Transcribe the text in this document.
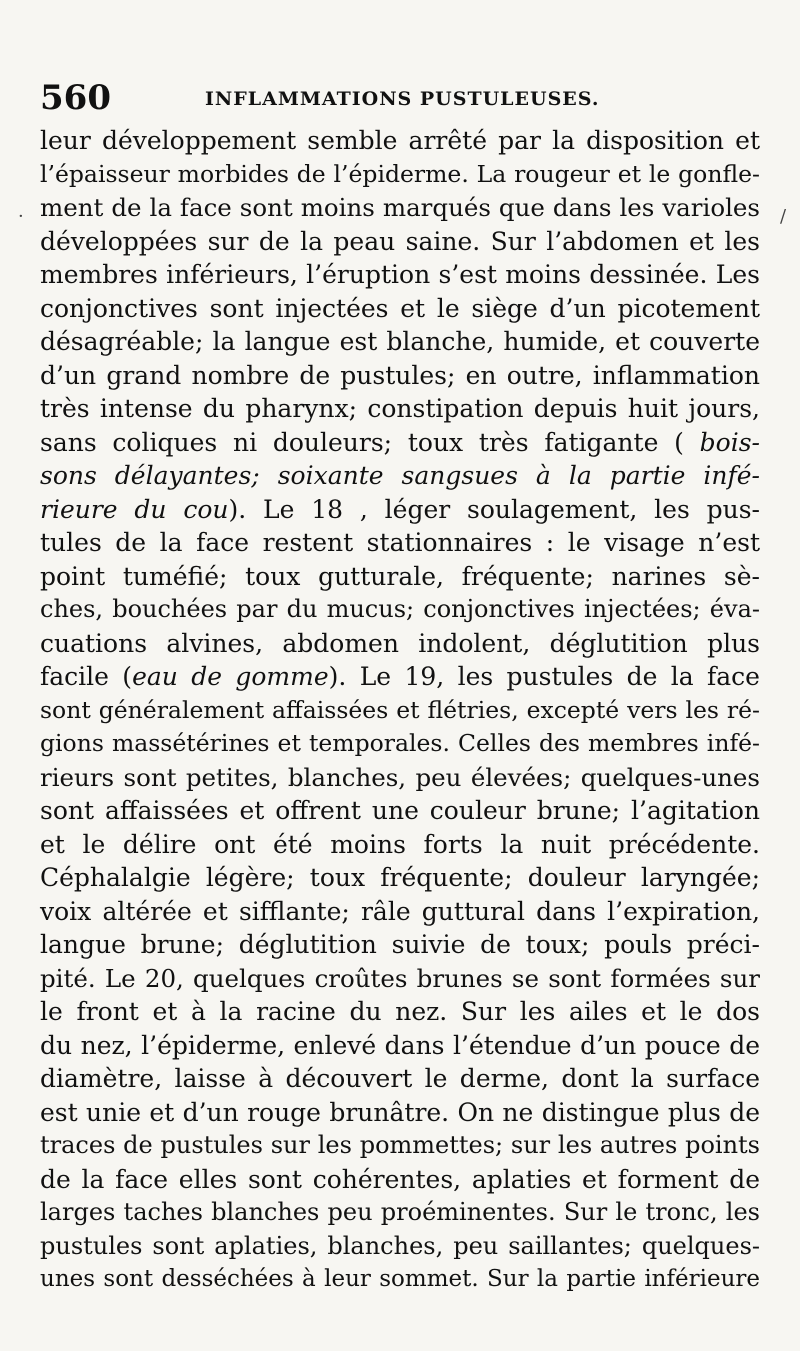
560	INFLAMMATIONS PUSTULEUSES.
leur développement semble arrêté par la disposition et
l’épaisseur morbides de l’épiderme. La rougeur et le gonfle-
ment de la face sont moins marqués que dans les varioles
développées sur de la peau saine. Sur l’abdomen et les
membres inférieurs, l’éruption s’est moins dessinée. Les
conjonctives sont injectées et le siège d’un picotement
désagréable; la langue est blanche, humide, et couverte
d’un grand nombre de pustules; en outre, inflammation
très intense du pharynx; constipation depuis huit jours,
sans coliques ni douleurs; toux très fatigante ( bois-
sons délayantes; soixante sangsues à la partie infé-
rieure du cou). Le 18 , léger soulagement, les pus-
tules de la face restent stationnaires : le visage n’est
point tuméfié; toux gutturale, fréquente; narines sè-
ches, bouchées par du mucus; conjonctives injectées; éva-
cuations alvines, abdomen indolent, déglutition plus
facile (eau de gomme). Le 19, les pustules de la face
sont généralement affaissées et flétries, excepté vers les ré-
gions massétérines et temporales. Celles des membres infé-
rieurs sont petites, blanches, peu élevées; quelques-unes
sont affaissées et offrent une couleur brune; l’agitation
et le délire ont été moins forts la nuit précédente.
Céphalalgie légère; toux fréquente; douleur laryngée;
voix altérée et sifflante; râle guttural dans l’expiration,
langue brune; déglutition suivie de toux; pouls préci-
pité. Le 20, quelques croûtes brunes se sont formées sur
le front et à la racine du nez. Sur les ailes et le dos
du nez, l’épiderme, enlevé dans l’étendue d’un pouce de
diamètre, laisse à découvert le derme, dont la surface
est unie et d’un rouge brunâtre. On ne distingue plus de
traces de pustules sur les pommettes; sur les autres points
de la face elles sont cohérentes, aplaties et forment de
larges taches blanches peu proéminentes. Sur le tronc, les
pustules sont aplaties, blanches, peu saillantes; quelques-
unes sont desséchées à leur sommet. Sur la partie inférieure
·	/
